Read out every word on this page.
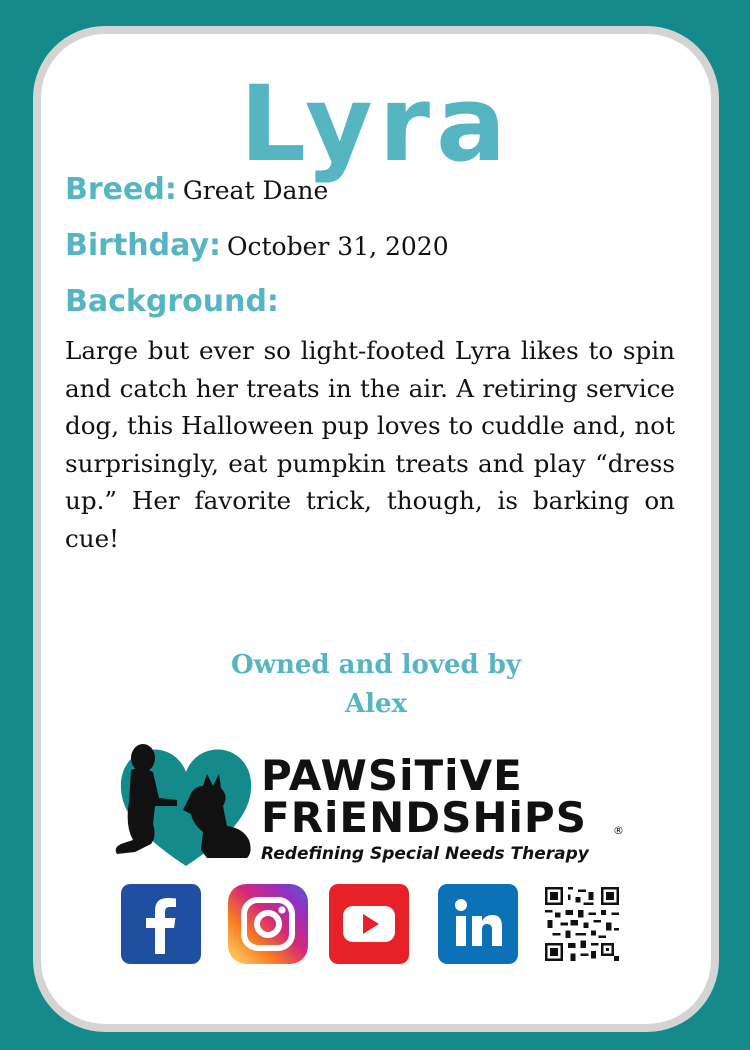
Lyra
Breed: Great Dane
Birthday: October 31, 2020
Background:
Large but ever so light-footed Lyra likes to spin and catch her treats in the air. A retiring service dog, this Halloween pup loves to cuddle and, not surprisingly, eat pumpkin treats and play “dress up.” Her favorite trick, though, is barking on cue!
Owned and loved by
Alex
PAWSiTiVE
FRiENDSHiPS ®
Redefining Special Needs Therapy
